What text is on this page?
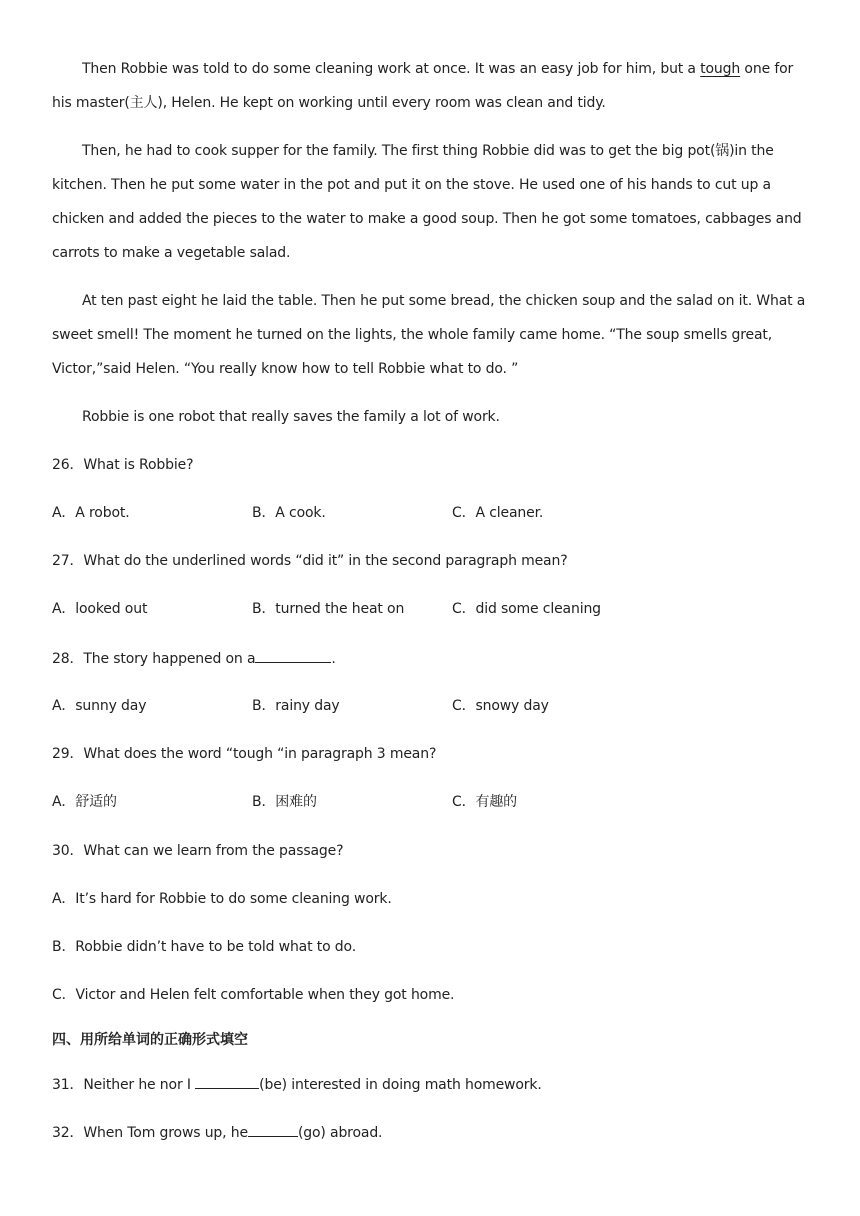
Then Robbie was told to do some cleaning work at once. It was an easy job for him, but a tough one for his master(主人), Helen. He kept on working until every room was clean and tidy.

Then, he had to cook supper for the family. The first thing Robbie did was to get the big pot(锅)in the kitchen. Then he put some water in the pot and put it on the stove. He used one of his hands to cut up a chicken and added the pieces to the water to make a good soup. Then he got some tomatoes, cabbages and carrots to make a vegetable salad.

At ten past eight he laid the table. Then he put some bread, the chicken soup and the salad on it. What a sweet smell! The moment he turned on the lights, the whole family came home. “The soup smells great, Victor,”said Helen. “You really know how to tell Robbie what to do. ”

Robbie is one robot that really saves the family a lot of work.

26．What is Robbie?
A．A robot.	B．A cook.	C．A cleaner.
27．What do the underlined words “did it” in the second paragraph mean?
A．looked out	B．turned the heat on	C．did some cleaning
28．The story happened on a	.
A．sunny day	B．rainy day	C．snowy day
29．What does the word “tough “in paragraph 3 mean?
A．舒适的	B．困难的	C．有趣的
30．What can we learn from the passage?
A．It’s hard for Robbie to do some cleaning work.
B．Robbie didn’t have to be told what to do.
C．Victor and Helen felt comfortable when they got home.
四、用所给单词的正确形式填空
31．Neither he nor I	(be) interested in doing math homework.
32．When Tom grows up, he	(go) abroad.
